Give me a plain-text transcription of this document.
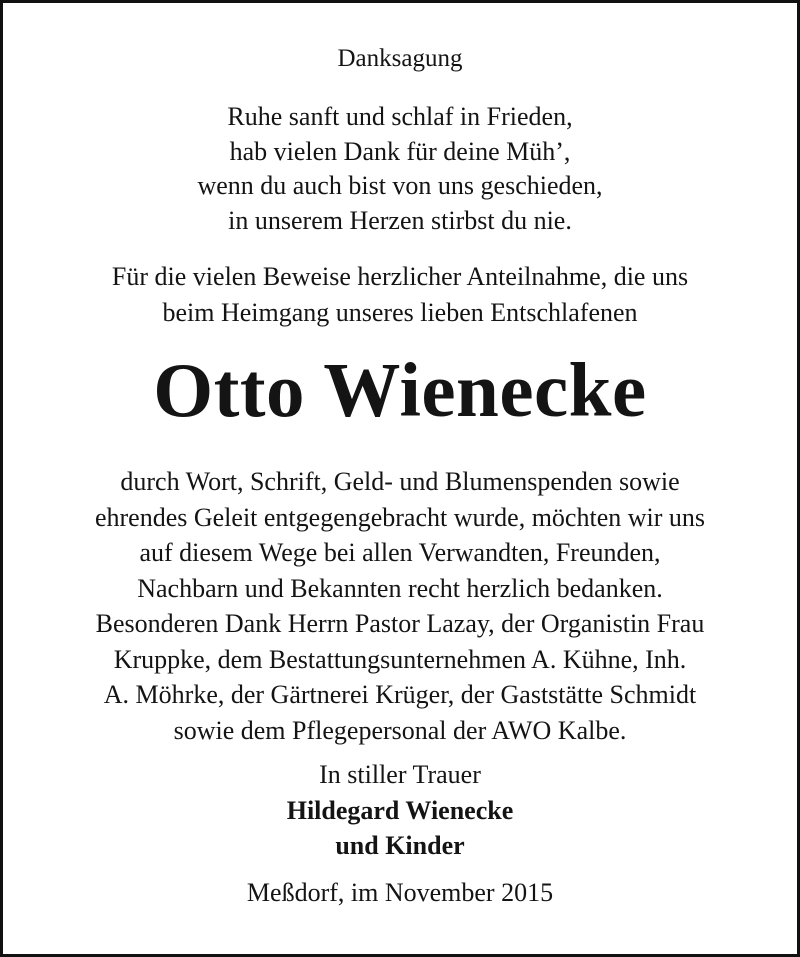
Danksagung
Ruhe sanft und schlaf in Frieden,
hab vielen Dank für deine Müh’,
wenn du auch bist von uns geschieden,
in unserem Herzen stirbst du nie.
Für die vielen Beweise herzlicher Anteilnahme, die uns
beim Heimgang unseres lieben Entschlafenen
Otto Wienecke
durch Wort, Schrift, Geld- und Blumenspenden sowie
ehrendes Geleit entgegengebracht wurde, möchten wir uns
auf diesem Wege bei allen Verwandten, Freunden,
Nachbarn und Bekannten recht herzlich bedanken.
Besonderen Dank Herrn Pastor Lazay, der Organistin Frau
Kruppke, dem Bestattungsunternehmen A. Kühne, Inh.
A. Möhrke, der Gärtnerei Krüger, der Gaststätte Schmidt
sowie dem Pflegepersonal der AWO Kalbe.
In stiller Trauer
Hildegard Wienecke
und Kinder
Meßdorf, im November 2015
